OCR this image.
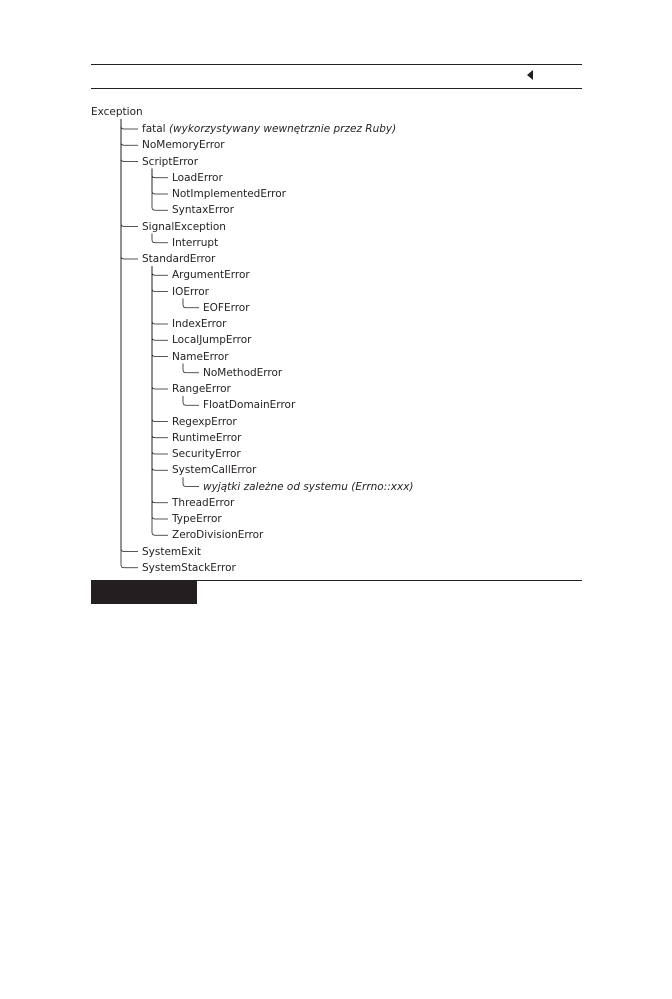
Exception
fatal (wykorzystywany wewnętrznie przez Ruby)
NoMemoryError
ScriptError
LoadError
NotImplementedError
SyntaxError
SignalException
Interrupt
StandardError
ArgumentError
IOError
EOFError
IndexError
LocalJumpError
NameError
NoMethodError
RangeError
FloatDomainError
RegexpError
RuntimeError
SecurityError
SystemCallError
wyjątki zależne od systemu (Errno::xxx)
ThreadError
TypeError
ZeroDivisionError
SystemExit
SystemStackError
